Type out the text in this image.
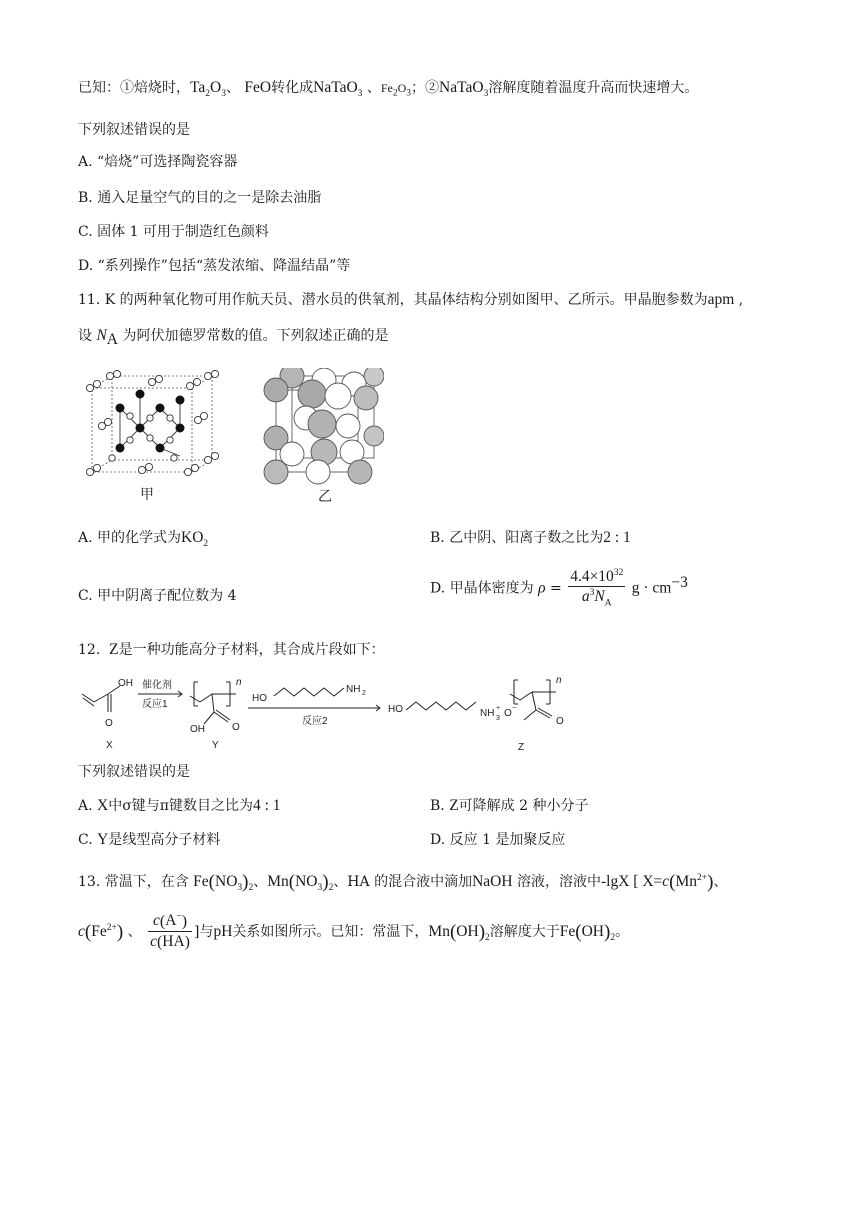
已知：①焙烧时，$Ta_2O_3$、 FeO转化成NaTaO$_3$ 、$Fe_2O_3$；②NaTaO$_3$溶解度随着温度升高而快速增大。
下列叙述错误的是
A. “焙烧”可选择陶瓷容器
B. 通入足量空气的目的之一是除去油脂
C. 固体 1 可用于制造红色颜料
D. “系列操作”包括“蒸发浓缩、降温结晶”等
11. K 的两种氧化物可用作航天员、潜水员的供氧剂，其晶体结构分别如图甲、乙所示。甲晶胞参数为apm ,
设 $N_A$ 为阿伏加德罗常数的值。下列叙述正确的是
甲	乙
A. 甲的化学式为$KO_2$	B. 乙中阴、阳离子数之比为2 : 1
C. 甲中阴离子配位数为 4	D. 甲晶体密度为 $\rho = \frac{4.4\times 10^{32}}{a^3N_A}$ $g \cdot cm^{-3}$
12. Z是一种功能高分子材料，其合成片段如下：
OH
O
催化剂
反应1
n
OH	O
HO
NH 2
反应2
HO	NH 3
+ O −
n
O
X	Y	Z
下列叙述错误的是
A. X中σ键与π键数目之比为4 : 1	B. Z可降解成 2 种小分子
C. Y是线型高分子材料	D. 反应 1 是加聚反应
13. 常温下，在含 $Fe(NO_3)_2$、$Mn(NO_3)_2$、HA 的混合液中滴加NaOH 溶液，溶液中-lgX [ $X=c(Mn^{2+})$、
$c(Fe^{2+})$ 、 $\frac{c(A^-)}{c(HA)}$ ]与pH关系如图所示。已知：常温下，$Mn(OH)_2$溶解度大于$Fe(OH)_2$。
